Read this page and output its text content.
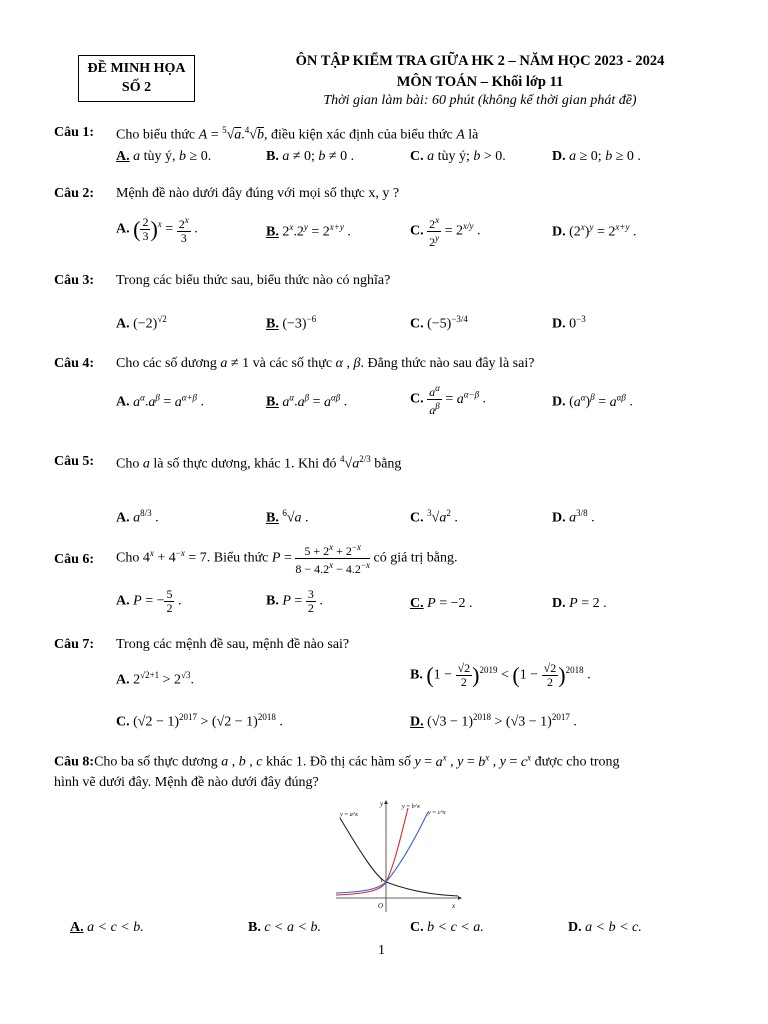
ĐỀ MINH HỌA
SỐ 2
ÔN TẬP KIỂM TRA GIỮA HK 2 – NĂM HỌC 2023 - 2024
MÔN TOÁN – Khối lớp 11
Thời gian làm bài: 60 phút (không kể thời gian phát đề)
Câu 1: Cho biểu thức A = $^5$√a.$^4$√b, điều kiện xác định của biểu thức A là
A. a tùy ý, b ≥ 0.	B. a ≠ 0; b ≠ 0 .	C. a tùy ý; b > 0.	D. a ≥ 0; b ≥ 0 .
Câu 2: Mệnh đề nào dưới đây đúng với mọi số thực x, y ?
A. ( $\frac{2}{3} )^x = \frac{2^x}{3}$ .	B. $2^x.2^y = 2^{x+y}$ .	C. $\frac{2^x}{2^y} = 2^{x/y}$ .	D. $(2^x)^y = 2^{x+y}$ .
Câu 3: Trong các biểu thức sau, biểu thức nào có nghĩa?
A. $(-2)^{√2}$	B. $(-3)^{-6}$	C. $(-5)^{-3/4}$	D. $0^{-3}$
Câu 4: Cho các số dương a ≠ 1 và các số thực α , β. Đẳng thức nào sau đây là sai?
A. $a^\alpha.a^\beta = a^{\alpha+\beta}$ .	B. $a^\alpha.a^\beta = a^{\alpha\beta}$ .	C. $\frac{a^\alpha}{a^\beta} = a^{\alpha-\beta}$ .	D. $(a^\alpha)^\beta = a^{\alpha\beta}$ .
Câu 5: Cho a là số thực dương, khác 1. Khi đó $^4√a^{2/3}$ bằng
A. $a^{8/3}$ .	B. $^6$√a .	C. $^3√a^2$ .	D. $a^{3/8}$ .
Câu 6: Cho $4^x + 4^{-x} = 7$. Biểu thức $P = \frac{5 + 2^x + 2^{-x}}{8 - 4.2^x - 4.2^{-x}}$ có giá trị bằng.
A. P = − $\frac{5}{2}$ .	B. $P = \frac{3}{2}$ .	C. P = −2 .	D. P = 2 .
Câu 7: Trong các mệnh đề sau, mệnh đề nào sai?
A. $2^{√2+1} > 2^{√3}$.	B. $(1 - \frac{√2}{2} )^{2019} < (1 - \frac{√2}{2} )^{2018}$ .
C. $(√2 - 1)^{2017} > (√2 - 1)^{2018}$ .	D. $(√3 - 1)^{2018} > (√3 - 1)^{2017}$ .
Câu 8:Cho ba số thực dương a , b , c khác 1. Đồ thị các hàm số $y = a^x$ , $y = b^x$ , $y = c^x$ được cho trong
hình vẽ dưới đây. Mệnh đề nào dưới đây đúng?
y = a^x
y = b^x
y = c^x
y
x
O
1
A. a < c < b.	B. c < a < b.	C. b < c < a.	D. a < b < c.
1
